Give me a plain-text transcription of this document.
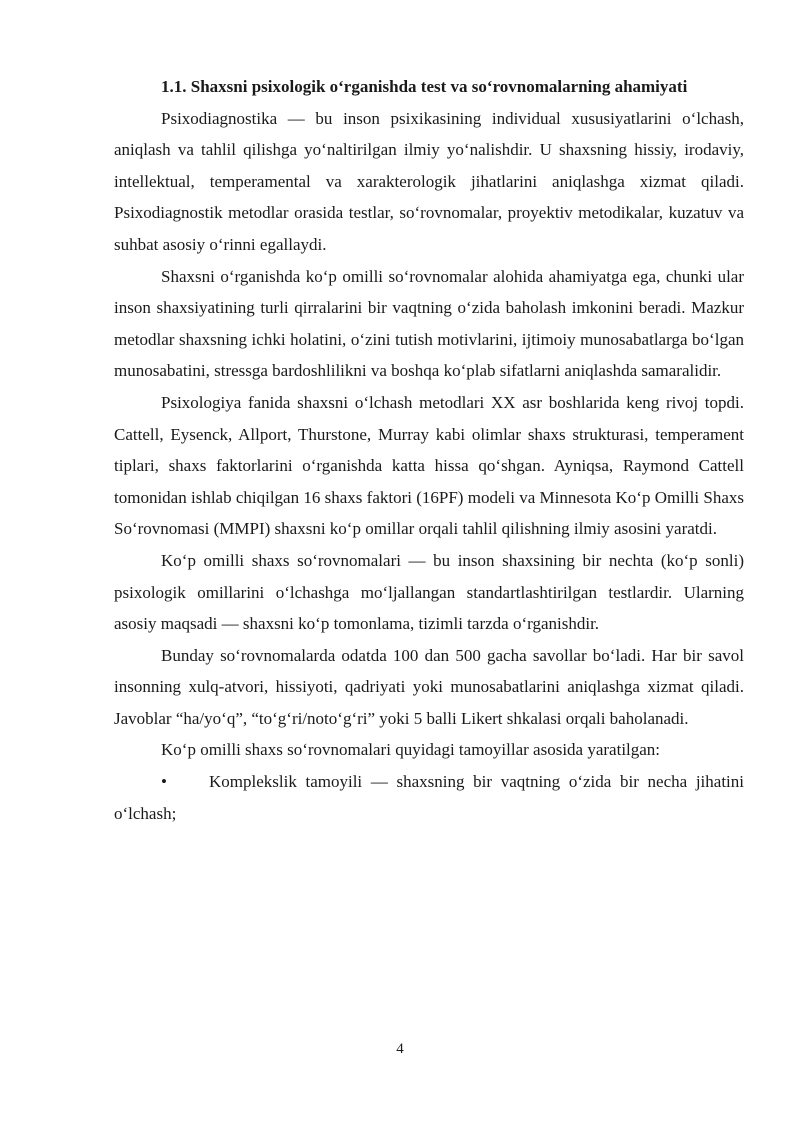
1.1. Shaxsni psixologik o‘rganishda test va so‘rovnomalarning ahamiyati

Psixodiagnostika — bu inson psixikasining individual xususiyatlarini o‘lchash, aniqlash va tahlil qilishga yo‘naltirilgan ilmiy yo‘nalishdir. U shaxsning hissiy, irodaviy, intellektual, temperamental va xarakterologik jihatlarini aniqlashga xizmat qiladi.
Psixodiagnostik metodlar orasida testlar, so‘rovnomalar, proyektiv metodikalar, kuzatuv va suhbat asosiy o‘rinni egallaydi.

Shaxsni o‘rganishda ko‘p omilli so‘rovnomalar alohida ahamiyatga ega, chunki ular inson shaxsiyatining turli qirralarini bir vaqtning o‘zida baholash imkonini beradi. Mazkur metodlar shaxsning ichki holatini, o‘zini tutish motivlarini, ijtimoiy munosabatlarga bo‘lgan munosabatini, stressga bardoshlilikni va boshqa ko‘plab sifatlarni aniqlashda samaralidir.

Psixologiya fanida shaxsni o‘lchash metodlari XX asr boshlarida keng rivoj topdi. Cattell, Eysenck, Allport, Thurstone, Murray kabi olimlar shaxs strukturasi, temperament tiplari, shaxs faktorlarini o‘rganishda katta hissa qo‘shgan. Ayniqsa, Raymond Cattell tomonidan ishlab chiqilgan 16 shaxs faktori (16PF) modeli va Minnesota Ko‘p Omilli Shaxs So‘rovnomasi (MMPI) shaxsni ko‘p omillar orqali tahlil qilishning ilmiy asosini yaratdi.

Ko‘p omilli shaxs so‘rovnomalari — bu inson shaxsining bir nechta (ko‘p sonli) psixologik omillarini o‘lchashga mo‘ljallangan standartlashtirilgan testlardir. Ularning asosiy maqsadi — shaxsni ko‘p tomonlama, tizimli tarzda o‘rganishdir.

Bunday so‘rovnomalarda odatda 100 dan 500 gacha savollar bo‘ladi. Har bir savol insonning xulq-atvori, hissiyoti, qadriyati yoki munosabatlarini aniqlashga xizmat qiladi. Javoblar “ha/yo‘q”, “to‘g‘ri/noto‘g‘ri” yoki 5 balli Likert shkalasi orqali baholanadi.

Ko‘p omilli shaxs so‘rovnomalari quyidagi tamoyillar asosida yaratilgan:

• Komplekslik tamoyili — shaxsning bir vaqtning o‘zida bir necha jihatini o‘lchash;

4
